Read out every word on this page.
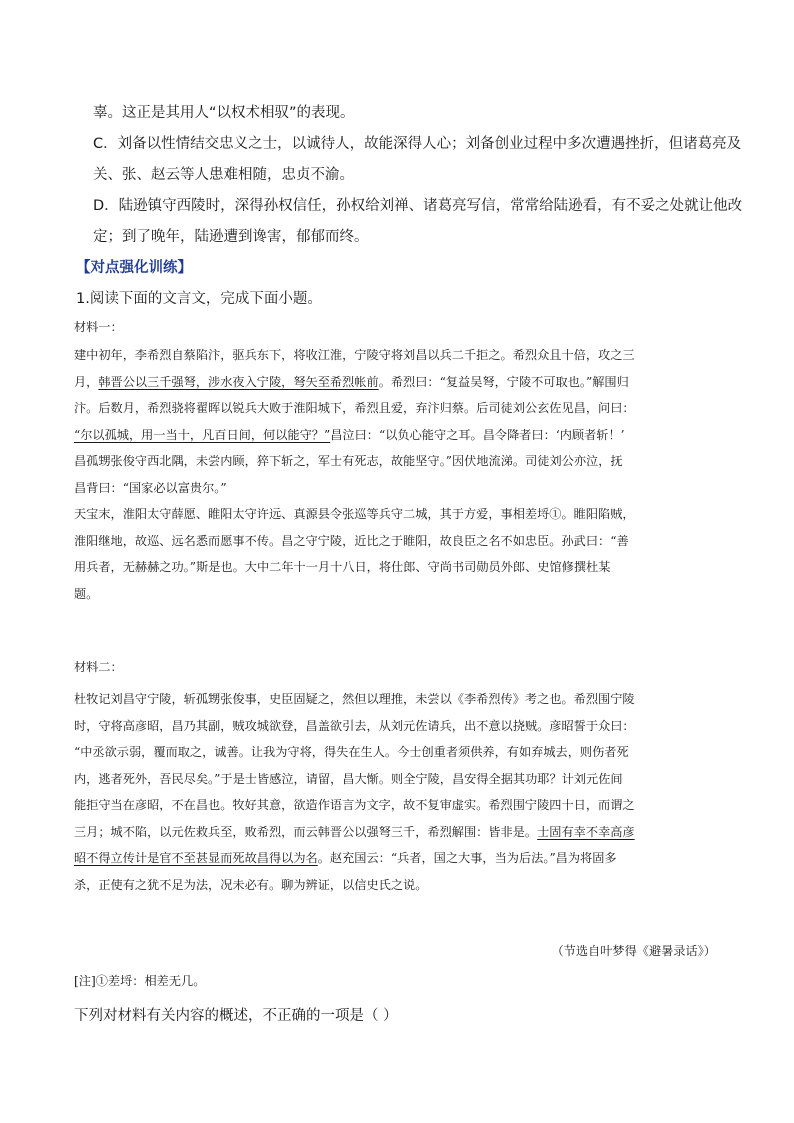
辜。这正是其用人“以权术相驭”的表现。

C．刘备以性情结交忠义之士，以诚待人，故能深得人心；刘备创业过程中多次遭遇挫折，但诸葛亮及

关、张、赵云等人患难相随，忠贞不渝。

D．陆逊镇守西陵时，深得孙权信任，孙权给刘禅、诸葛亮写信，常常给陆逊看，有不妥之处就让他改

定；到了晚年，陆逊遭到谗害，郁郁而终。

【对点强化训练】
1.阅读下面的文言文，完成下面小题。
材料一：

建中初年，李希烈自蔡陷汴，驱兵东下，将收江淮，宁陵守将刘昌以兵二千拒之。希烈众且十倍，攻之三

月，韩晋公以三千强弩，涉水夜入宁陵，弩矢至希烈帐前。希烈曰：“复益吴弩，宁陵不可取也。”解围归

汴。后数月，希烈骁将翟晖以锐兵大败于淮阳城下，希烈且爱，弃汴归蔡。后司徒刘公玄佐见昌，问曰：

“尔以孤城，用一当十，凡百日间，何以能守？”昌泣曰：“以负心能守之耳。昌令降者曰：‘内顾者斩！’

昌孤甥张俊守西北隅，未尝内顾，猝下斩之，军士有死志，故能坚守。”因伏地流涕。司徒刘公亦泣，抚

昌背曰：“国家必以富贵尔。”

天宝末，淮阳太守薛愿、睢阳太守许远、真源县令张巡等兵守二城，其于方爱，事相差埒①。睢阳陷贼，

淮阳继地，故巡、远名悉而愿事不传。昌之守宁陵，近比之于睢阳，故良臣之名不如忠臣。孙武曰：“善

用兵者，无赫赫之功。”斯是也。大中二年十一月十八日，将仕郎、守尚书司勋员外郎、史馆修撰杜某

题。

材料二：

杜牧记刘昌守宁陵，斩孤甥张俊事，史臣固疑之，然但以理推，未尝以《李希烈传》考之也。希烈围宁陵

时，守将高彦昭，昌乃其副，贼攻城欲登，昌盖欲引去，从刘元佐请兵，出不意以挠贼。彦昭誓于众曰：

“中丞欲示弱，覆而取之，诚善。让我为守将，得失在生人。今士创重者须供养，有如弃城去，则伤者死

内，逃者死外，吾民尽矣。”于是士皆感泣，请留，昌大惭。则全宁陵，昌安得全据其功耶？计刘元佐间

能拒守当在彦昭，不在昌也。牧好其意，欲造作语言为文字，故不复审虚实。希烈围宁陵四十日，而谓之

三月；城不陷，以元佐救兵至，败希烈，而云韩晋公以强弩三千，希烈解围：皆非是。士固有幸不幸高彦

昭不得立传计是官不至甚显而死故昌得以为名。赵充国云：“兵者，国之大事，当为后法。”昌为将固多

杀，正使有之犹不足为法，况未必有。聊为辨证，以信史氏之说。

（节选自叶梦得《避暑录话》）
[注]①差埒：相差无几。
下列对材料有关内容的概述，不正确的一项是（ ）
